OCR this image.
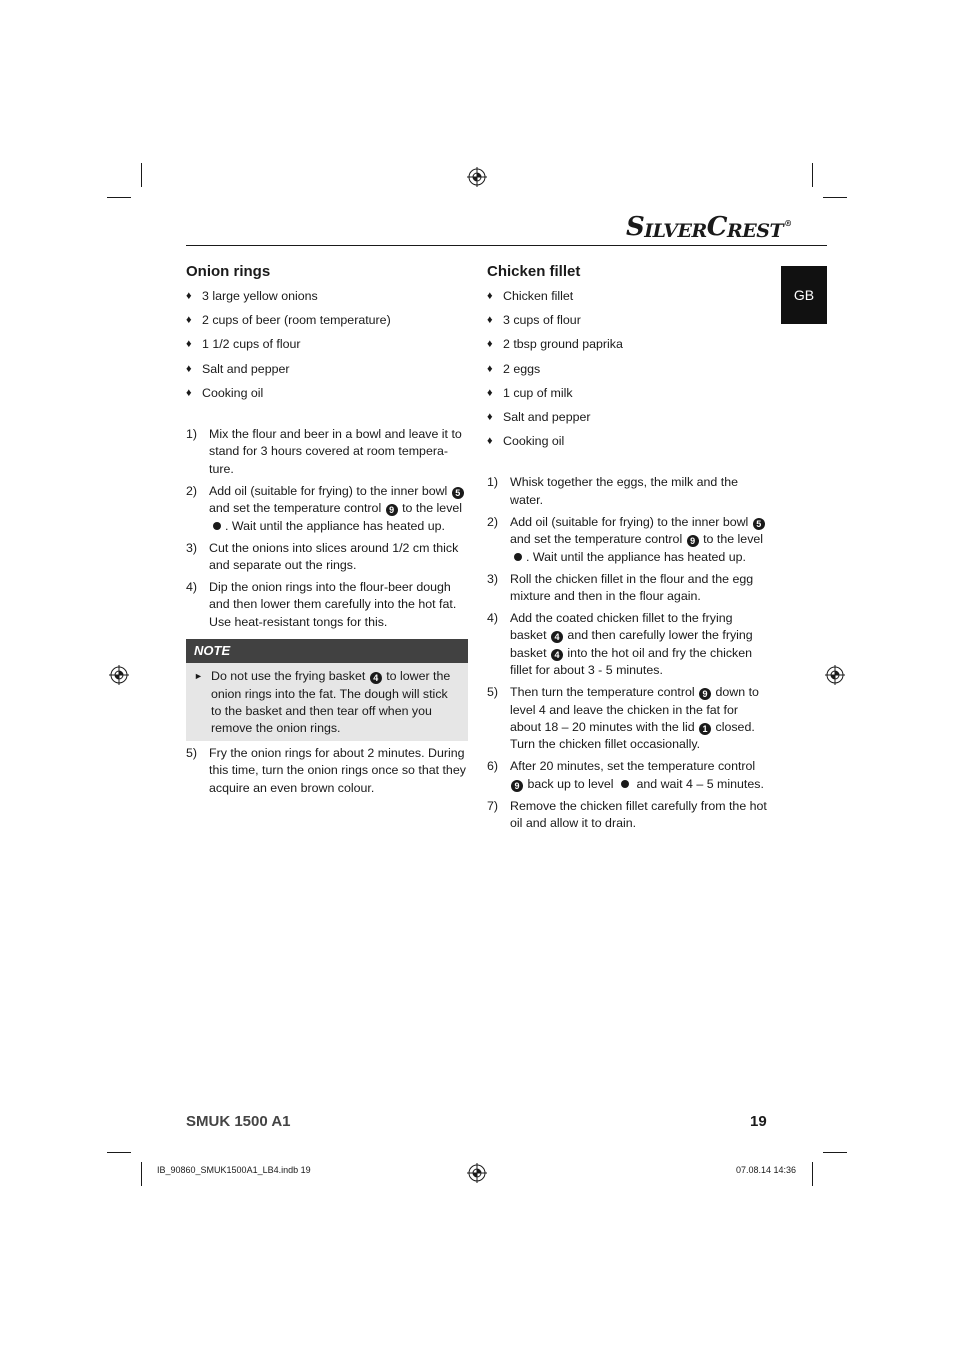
S ILVER C REST ®
GB
Onion rings
♦ 3 large yellow onions
♦ 2 cups of beer (room temperature)
♦ 1 1/2 cups of flour
♦ Salt and pepper
♦ Cooking oil
1) Mix the flour and beer in a bowl and leave it to stand for 3 hours covered at room tempera-ture.
2) Add oil (suitable for frying) to the inner bowl 5 and set the temperature control 9 to the level . Wait until the appliance has heated up.
3) Cut the onions into slices around 1/2 cm thick and separate out the rings.
4) Dip the onion rings into the flour-beer dough and then lower them carefully into the hot fat. Use heat-resistant tongs for this.
NOTE
► Do not use the frying basket 4 to lower the onion rings into the fat. The dough will stick to the basket and then tear off when you remove the onion rings.
5) Fry the onion rings for about 2 minutes. During this time, turn the onion rings once so that they acquire an even brown colour.
Chicken fillet
♦ Chicken fillet
♦ 3 cups of flour
♦ 2 tbsp ground paprika
♦ 2 eggs
♦ 1 cup of milk
♦ Salt and pepper
♦ Cooking oil
1) Whisk together the eggs, the milk and the water.
2) Add oil (suitable for frying) to the inner bowl 5 and set the temperature control 9 to the level . Wait until the appliance has heated up.
3) Roll the chicken fillet in the flour and the egg mixture and then in the flour again.
4) Add the coated chicken fillet to the frying basket 4 and then carefully lower the frying basket 4 into the hot oil and fry the chicken fillet for about 3 - 5 minutes.
5) Then turn the temperature control 9 down to level 4 and leave the chicken in the fat for about 18 – 20 minutes with the lid 1 closed. Turn the chicken fillet occasionally.
6) After 20 minutes, set the temperature control 9 back up to level and wait 4 – 5 minutes.
7) Remove the chicken fillet carefully from the hot oil and allow it to drain.
SMUK 1500 A1	19
IB_90860_SMUK1500A1_LB4.indb 19	07.08.14 14:36
